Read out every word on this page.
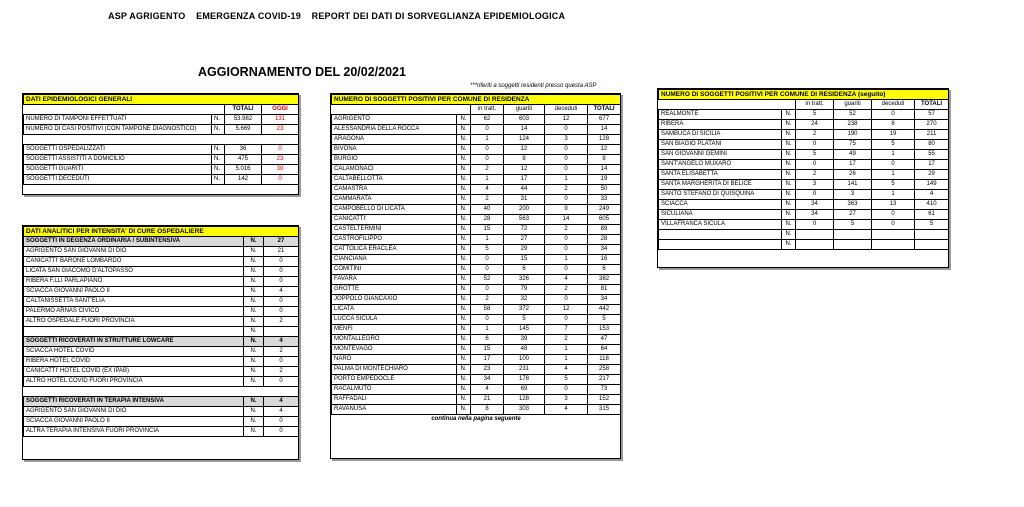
ASP AGRIGENTO EMERGENZA COVID-19 REPORT DEI DATI DI SORVEGLIANZA EPIDEMIOLOGICA
AGGIORNAMENTO DEL 20/02/2021
***riferiti a soggetti residenti presso questa ASP
DATI EPIDEMIOLOGICI GENERALI			
		TOTALI	OGGI
NUMERO DI TAMPONI EFFETTUATI	N.	53.982	131
NUMERO DI CASI POSITIVI (CON TAMPONE DIAGNOSTICO)	N.	5.669	23

SOGGETTI OSPEDALIZZATI	N.	36	0
SOGGETTI ASSISTITI A DOMICILIO	N.	475	23
SOGGETTI GUARITI	N.	5.016	30
SOGGETTI DECEDUTI	N.	142	0
DATI ANALITICI PER INTENSITA' DI CURE OSPEDALIERE		
SOGGETTI IN DEGENZA ORDINARIA / SUBINTENSIVA	N.	27
AGRIGENTO SAN GIOVANNI DI DIO	N.	21
CANICATTI' BARONE LOMBARDO	N.	0
LICATA SAN GIACOMO D'ALTOPASSO	N.	0
RIBERA F.LLI PARLAPIANO	N.	0
SCIACCA GIOVANNI PAOLO II	N.	4
CALTANISSETTA SANT'ELIA	N.	0
PALERMO ARNAS CIVICO	N.	0
ALTRO OSPEDALE FUORI PROVINCIA	N.	2
	N.	
SOGGETTI RICOVERATI IN STRUTTURE LOWCARE	N.	4
SCIACCA HOTEL COVID	N.	2
RIBERA HOTEL COVID	N.	0
CANICATTI' HOTEL COVID (EX IPAB)	N.	2
ALTRO HOTEL COVID FUORI PROVINCIA	N.	0

SOGGETTI RICOVERATI IN TERAPIA INTENSIVA	N.	4
AGRIGENTO SAN GIOVANNI DI DIO	N.	4
SCIACCA GIOVANNI PAOLO II	N.	0
ALTRA TERAPIA INTENSIVA FUORI PROVINCIA	N.	0
NUMERO DI SOGGETTI POSITIVI PER COMUNE DI RESIDENZA					
		in tratt.	guariti	deceduti	TOTALI
AGRIGENTO	N.	62	603	12	677
ALESSANDRIA DELLA ROCCA	N.	0	14	0	14
ARAGONA	N.	1	124	3	128
BIVONA	N.	0	12	0	12
BURGIO	N.	0	8	0	8
CALAMONACI	N.	2	12	0	14
CALTABELLOTTA	N.	1	17	1	19
CAMASTRA	N.	4	44	2	50
CAMMARATA	N.	2	31	0	33
CAMPOBELLO DI LICATA	N.	40	200	9	249
CANICATTI'	N.	28	563	14	605
CASTELTERMINI	N.	15	72	2	89
CASTROFILIPPO	N.	1	27	0	28
CATTOLICA ERACLEA	N.	5	29	0	34
CIANCIANA	N.	0	15	1	16
COMITINI	N.	0	6	0	6
FAVARA	N.	52	326	4	382
GROTTE	N.	0	79	2	81
JOPPOLO GIANCAXIO	N.	2	32	0	34
LICATA	N.	58	372	12	442
LUCCA SICULA	N.	0	5	0	5
MENFI	N.	1	145	7	153
MONTALLEGRO	N.	6	39	2	47
MONTEVAGO	N.	15	48	1	64
NARO	N.	17	100	1	118
PALMA DI MONTECHIARO	N.	23	231	4	258
PORTO EMPEDOCLE	N.	34	178	5	217
RACALMUTO	N.	4	69	0	73
RAFFADALI	N.	21	128	3	152
RAVANUSA	N.	8	303	4	315
continua nella pagina seguente					
NUMERO DI SOGGETTI POSITIVI PER COMUNE DI RESIDENZA (seguito)					
		in tratt.	guariti	deceduti	TOTALI
REALMONTE	N.	5	52	0	57
RIBERA	N.	24	238	8	270
SAMBUCA DI SICILIA	N.	2	190	19	211
SAN BIAGIO PLATANI	N.	0	75	5	80
SAN GIOVANNI GEMINI	N.	5	49	1	55
SANT'ANGELO MUXARO	N.	0	17	0	17
SANTA ELISABETTA	N.	2	26	1	29
SANTA MARGHERITA DI BELICE	N.	3	141	5	149
SANTO STEFANO DI QUISQUINA	N.	0	3	1	4
SCIACCA	N.	34	363	13	410
SICULIANA	N.	34	27	0	61
VILLAFRANCA SICULA	N.	0	5	0	5
	N.				
	N.				
